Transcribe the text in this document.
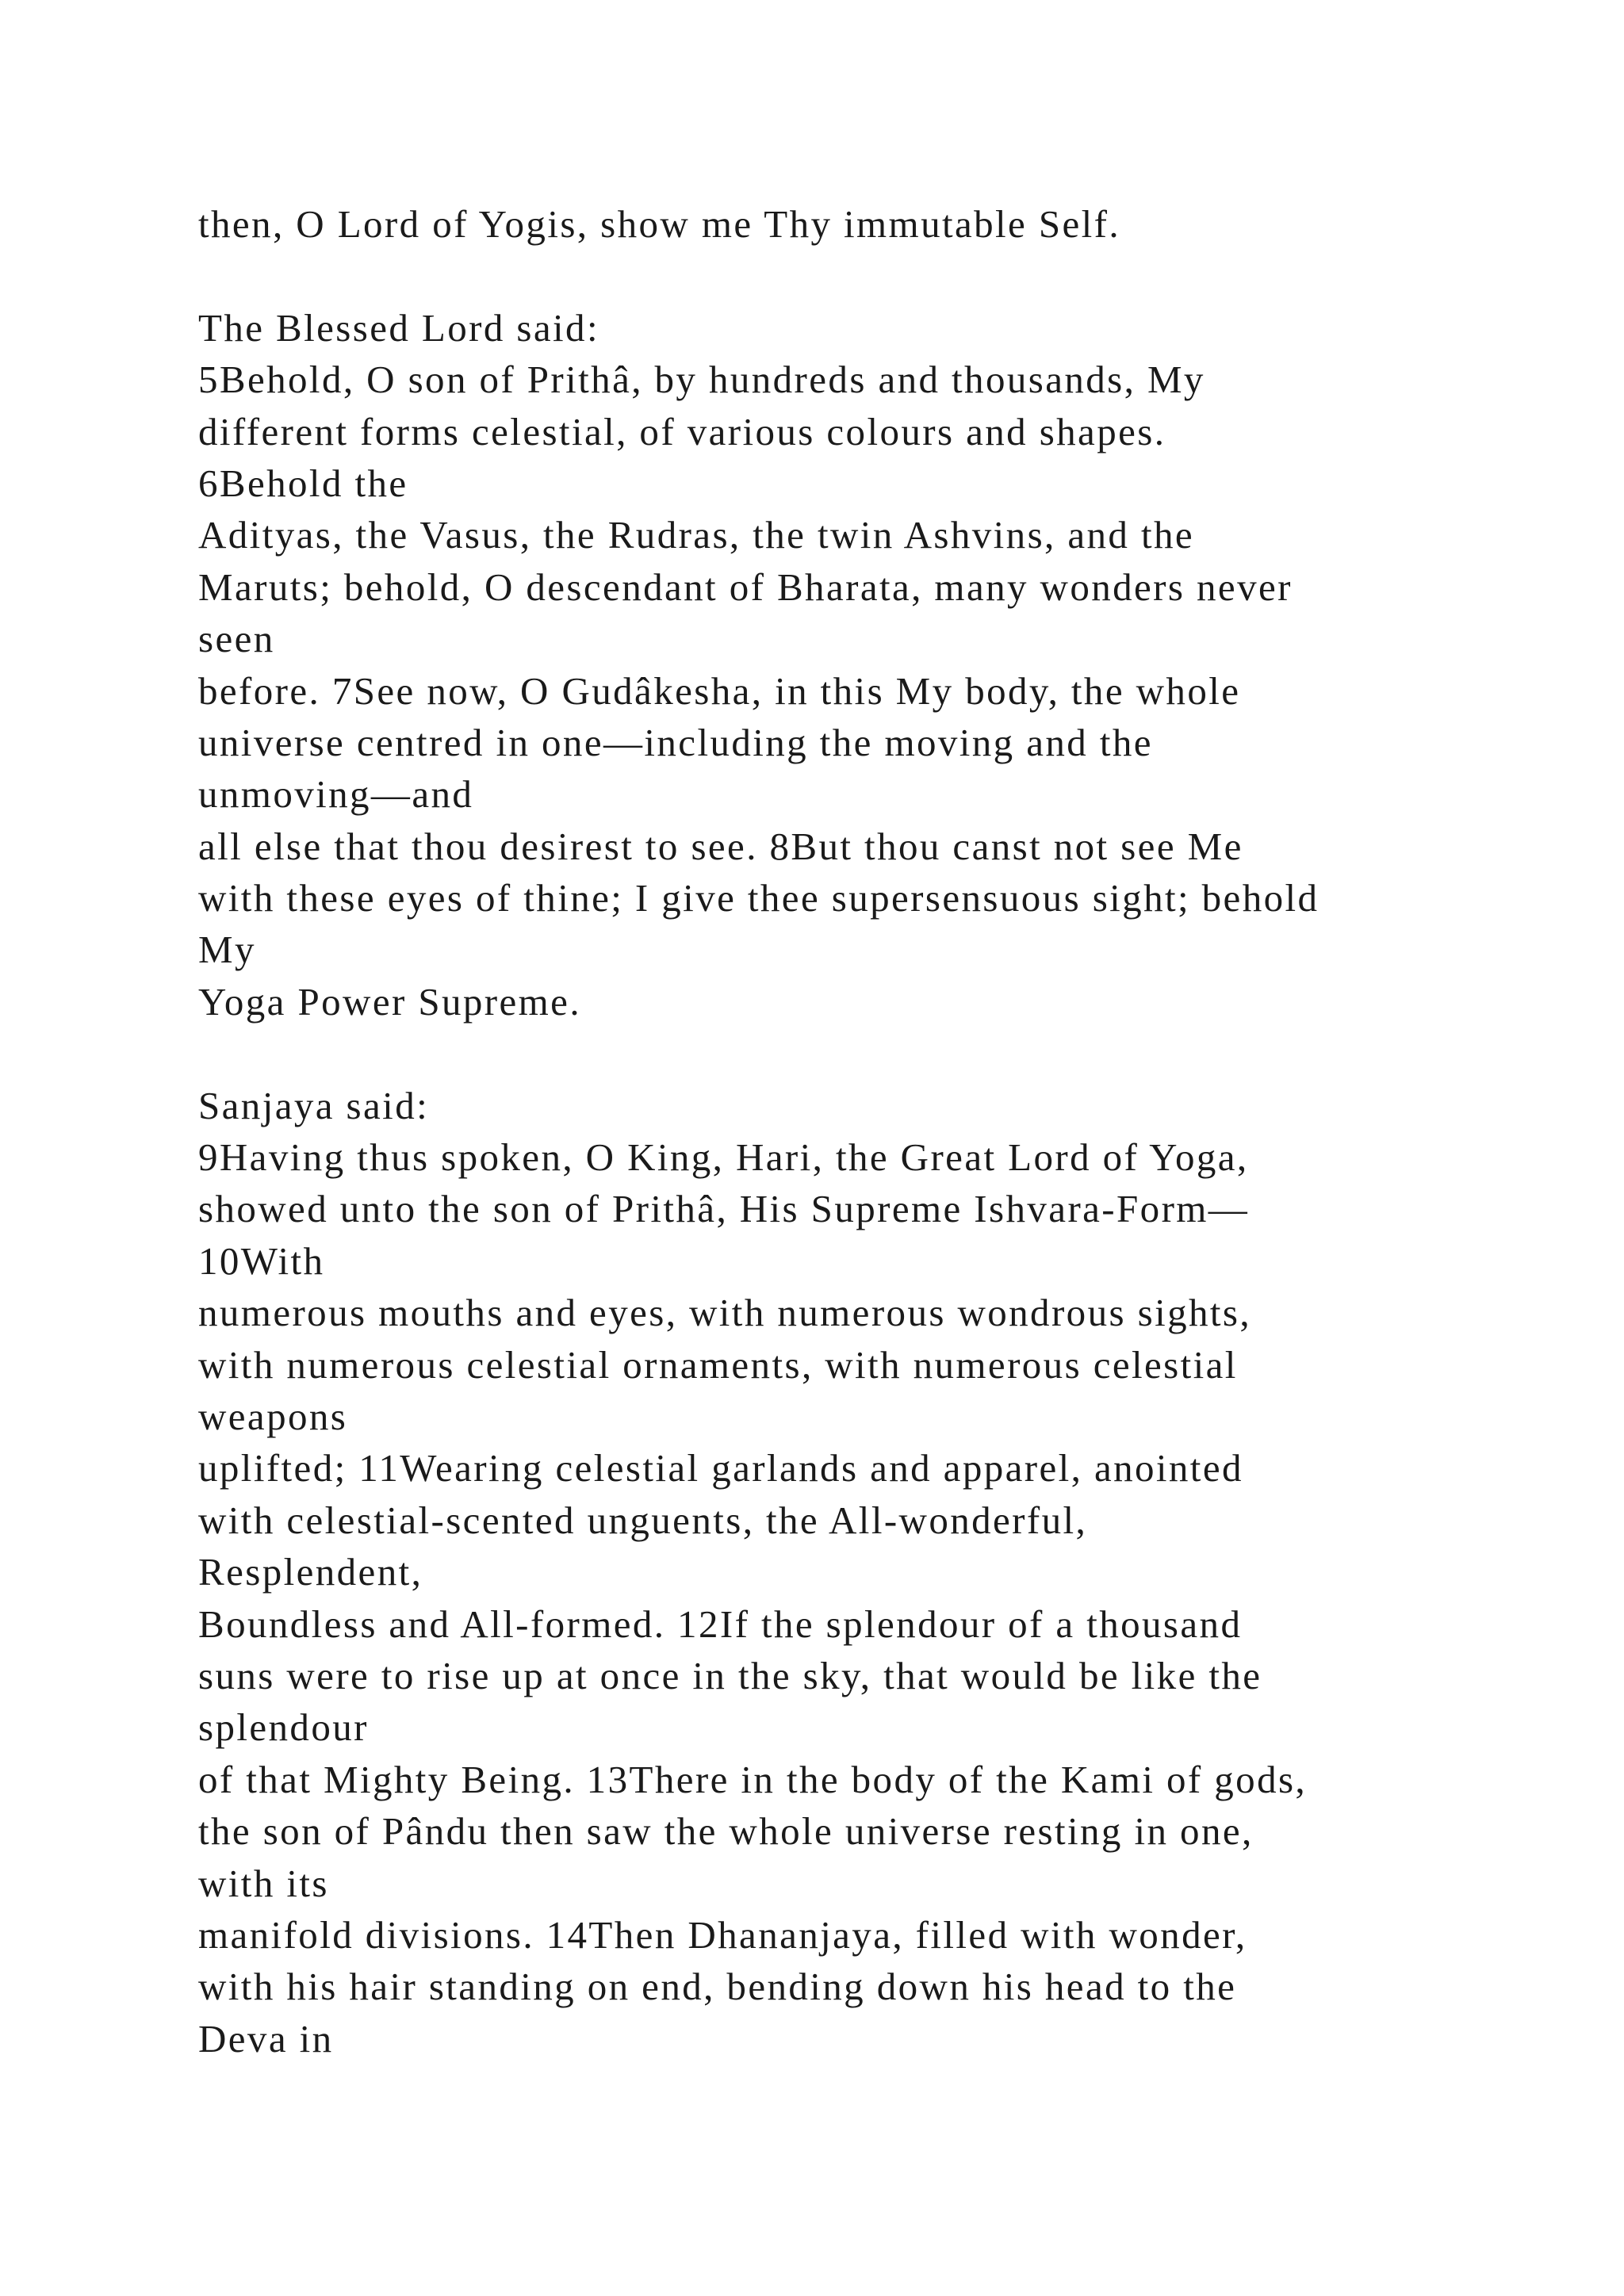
then, O Lord of Yogis, show me Thy immutable Self.
The Blessed Lord said:
5Behold, O son of Prithâ, by hundreds and thousands, My
different forms celestial, of various colours and shapes.
6Behold the
Adityas, the Vasus, the Rudras, the twin Ashvins, and the
Maruts; behold, O descendant of Bharata, many wonders never
seen
before. 7See now, O Gudâkesha, in this My body, the whole
universe centred in one—including the moving and the
unmoving—and
all else that thou desirest to see. 8But thou canst not see Me
with these eyes of thine; I give thee supersensuous sight; behold
My
Yoga Power Supreme.
Sanjaya said:
9Having thus spoken, O King, Hari, the Great Lord of Yoga,
showed unto the son of Prithâ, His Supreme Ishvara-Form—
10With
numerous mouths and eyes, with numerous wondrous sights,
with numerous celestial ornaments, with numerous celestial
weapons
uplifted; 11Wearing celestial garlands and apparel, anointed
with celestial-scented unguents, the All-wonderful,
Resplendent,
Boundless and All-formed. 12If the splendour of a thousand
suns were to rise up at once in the sky, that would be like the
splendour
of that Mighty Being. 13There in the body of the Kami of gods,
the son of Pându then saw the whole universe resting in one,
with its
manifold divisions. 14Then Dhananjaya, filled with wonder,
with his hair standing on end, bending down his head to the
Deva in
